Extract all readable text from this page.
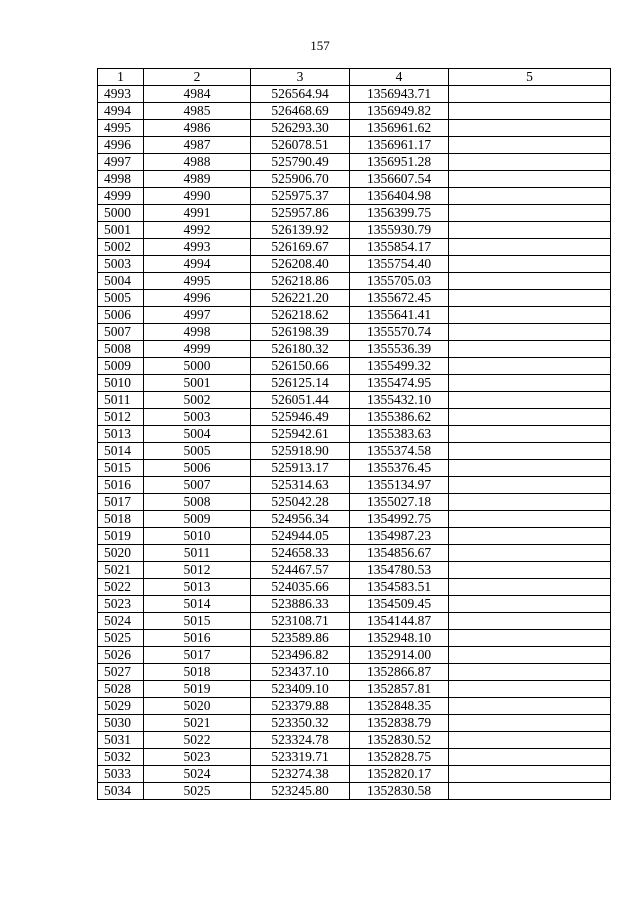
157
1	2	3	4	5
4993	4984	526564.94	1356943.71	
4994	4985	526468.69	1356949.82	
4995	4986	526293.30	1356961.62	
4996	4987	526078.51	1356961.17	
4997	4988	525790.49	1356951.28	
4998	4989	525906.70	1356607.54	
4999	4990	525975.37	1356404.98	
5000	4991	525957.86	1356399.75	
5001	4992	526139.92	1355930.79	
5002	4993	526169.67	1355854.17	
5003	4994	526208.40	1355754.40	
5004	4995	526218.86	1355705.03	
5005	4996	526221.20	1355672.45	
5006	4997	526218.62	1355641.41	
5007	4998	526198.39	1355570.74	
5008	4999	526180.32	1355536.39	
5009	5000	526150.66	1355499.32	
5010	5001	526125.14	1355474.95	
5011	5002	526051.44	1355432.10	
5012	5003	525946.49	1355386.62	
5013	5004	525942.61	1355383.63	
5014	5005	525918.90	1355374.58	
5015	5006	525913.17	1355376.45	
5016	5007	525314.63	1355134.97	
5017	5008	525042.28	1355027.18	
5018	5009	524956.34	1354992.75	
5019	5010	524944.05	1354987.23	
5020	5011	524658.33	1354856.67	
5021	5012	524467.57	1354780.53	
5022	5013	524035.66	1354583.51	
5023	5014	523886.33	1354509.45	
5024	5015	523108.71	1354144.87	
5025	5016	523589.86	1352948.10	
5026	5017	523496.82	1352914.00	
5027	5018	523437.10	1352866.87	
5028	5019	523409.10	1352857.81	
5029	5020	523379.88	1352848.35	
5030	5021	523350.32	1352838.79	
5031	5022	523324.78	1352830.52	
5032	5023	523319.71	1352828.75	
5033	5024	523274.38	1352820.17	
5034	5025	523245.80	1352830.58	
